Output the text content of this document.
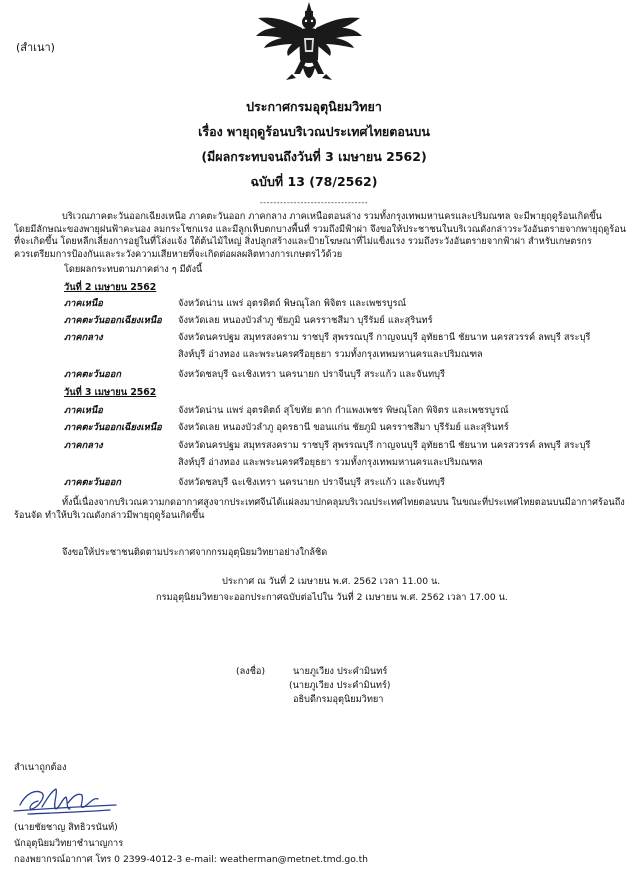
(สำเนา)
ประกาศกรมอุตุนิยมวิทยา
เรื่อง พายุฤดูร้อนบริเวณประเทศไทยตอนบน
(มีผลกระทบจนถึงวันที่ 3 เมษายน 2562)
ฉบับที่ 13 (78/2562)
--------------------------------
บริเวณภาคตะวันออกเฉียงเหนือ ภาคตะวันออก ภาคกลาง ภาคเหนือตอนล่าง รวมทั้งกรุงเทพมหานครและปริมณฑล จะมีพายุฤดูร้อนเกิดขึ้น
โดยมีลักษณะของพายุฝนฟ้าคะนอง ลมกระโชกแรง และมีลูกเห็บตกบางพื้นที่ รวมถึงมีฟ้าผ่า จึงขอให้ประชาชนในบริเวณดังกล่าวระวังอันตรายจากพายุฤดูร้อน
ที่จะเกิดขึ้น โดยหลีกเลี่ยงการอยู่ในที่โล่งแจ้ง ใต้ต้นไม้ใหญ่ สิ่งปลูกสร้างและป้ายโฆษณาที่ไม่แข็งแรง รวมถึงระวังอันตรายจากฟ้าผ่า สำหรับเกษตรกร
ควรเตรียมการป้องกันและระวังความเสียหายที่จะเกิดต่อผลผลิตทางการเกษตรไว้ด้วย
โดยผลกระทบตามภาคต่าง ๆ มีดังนี้
วันที่ 2 เมษายน 2562
ภาคเหนือ	จังหวัดน่าน แพร่ อุตรดิตถ์ พิษณุโลก พิจิตร และเพชรบูรณ์
ภาคตะวันออกเฉียงเหนือ จังหวัดเลย หนองบัวลำภู ชัยภูมิ นครราชสีมา บุรีรัมย์ และสุรินทร์
ภาคกลาง	จังหวัดนครปฐม สมุทรสงคราม ราชบุรี สุพรรณบุรี กาญจนบุรี อุทัยธานี ชัยนาท นครสวรรค์ ลพบุรี สระบุรี
สิงห์บุรี อ่างทอง และพระนครศรีอยุธยา รวมทั้งกรุงเทพมหานครและปริมณฑล
ภาคตะวันออก	จังหวัดชลบุรี ฉะเชิงเทรา นครนายก ปราจีนบุรี สระแก้ว และจันทบุรี
วันที่ 3 เมษายน 2562
ภาคเหนือ	จังหวัดน่าน แพร่ อุตรดิตถ์ สุโขทัย ตาก กำแพงเพชร พิษณุโลก พิจิตร และเพชรบูรณ์
ภาคตะวันออกเฉียงเหนือ จังหวัดเลย หนองบัวลำภู อุดรธานี ขอนแก่น ชัยภูมิ นครราชสีมา บุรีรัมย์ และสุรินทร์
ภาคกลาง	จังหวัดนครปฐม สมุทรสงคราม ราชบุรี สุพรรณบุรี กาญจนบุรี อุทัยธานี ชัยนาท นครสวรรค์ ลพบุรี สระบุรี
สิงห์บุรี อ่างทอง และพระนครศรีอยุธยา รวมทั้งกรุงเทพมหานครและปริมณฑล
ภาคตะวันออก	จังหวัดชลบุรี ฉะเชิงเทรา นครนายก ปราจีนบุรี สระแก้ว และจันทบุรี
ทั้งนี้เนื่องจากบริเวณความกดอากาศสูงจากประเทศจีนได้แผ่ลงมาปกคลุมบริเวณประเทศไทยตอนบน ในขณะที่ประเทศไทยตอนบนมีอากาศร้อนถึง
ร้อนจัด ทำให้บริเวณดังกล่าวมีพายุฤดูร้อนเกิดขึ้น
จึงขอให้ประชาชนติดตามประกาศจากกรมอุตุนิยมวิทยาอย่างใกล้ชิด
ประกาศ ณ วันที่ 2 เมษายน พ.ศ. 2562 เวลา 11.00 น.
กรมอุตุนิยมวิทยาจะออกประกาศฉบับต่อไปใน วันที่ 2 เมษายน พ.ศ. 2562 เวลา 17.00 น.
(ลงชื่อ)	นายภูเวียง ประคำมินทร์
(นายภูเวียง ประคำมินทร์)
อธิบดีกรมอุตุนิยมวิทยา
สำเนาถูกต้อง
(นายชัยชาญ สิทธิวรนันท์)
นักอุตุนิยมวิทยาชำนาญการ
กองพยากรณ์อากาศ โทร 0 2399-4012-3 e-mail: weatherman@metnet.tmd.go.th
